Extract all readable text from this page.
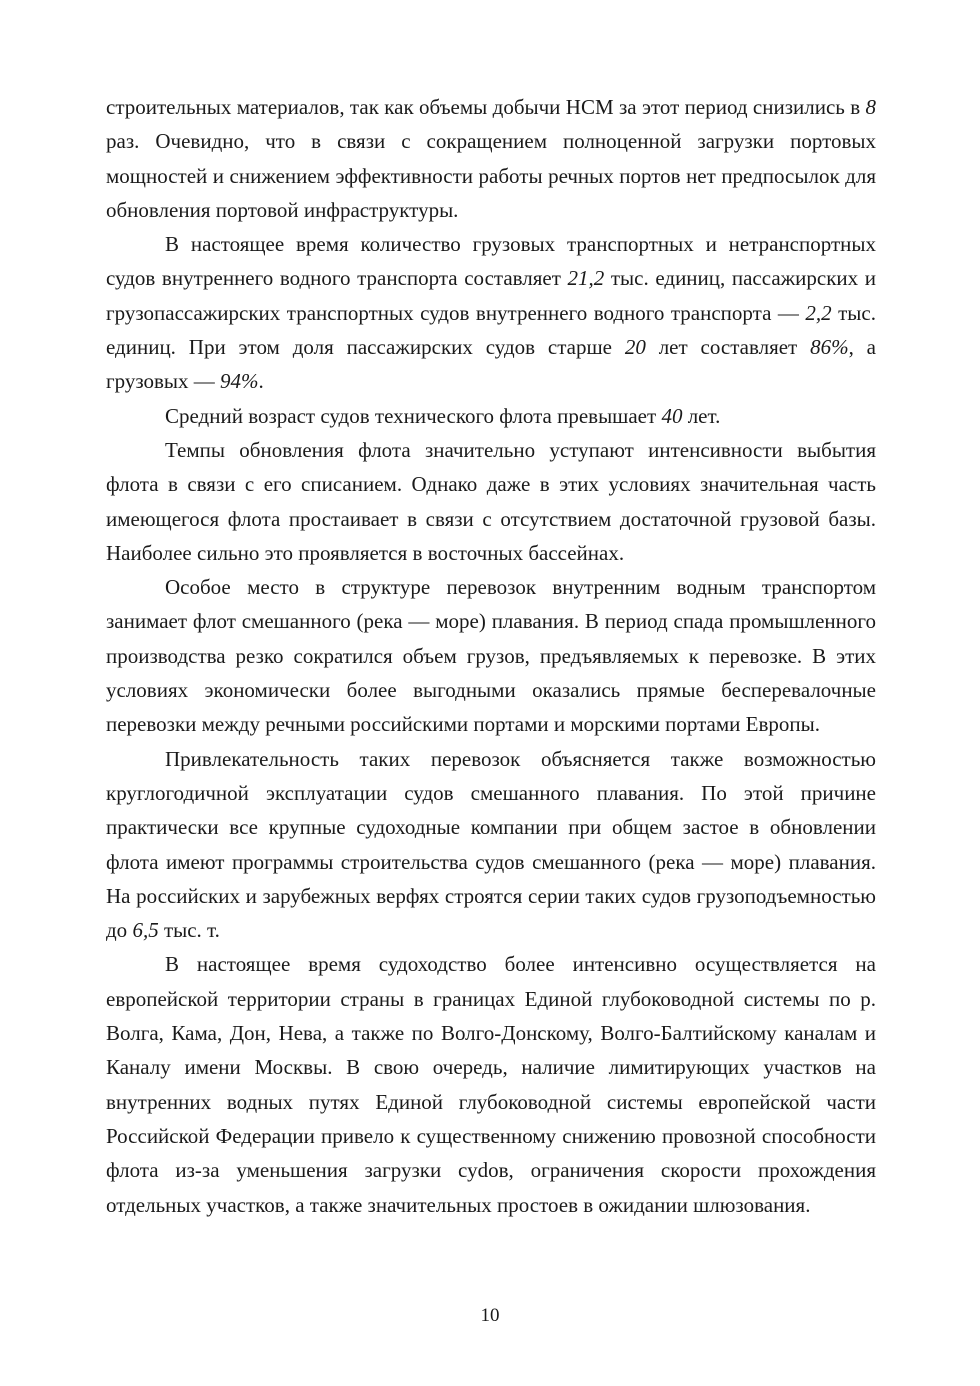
строительных материалов, так как объемы добычи НСМ за этот период снизились в 8 раз. Очевидно, что в связи с сокращением полноценной загрузки портовых мощностей и снижением эффективности работы речных портов нет предпосылок для обновления портовой инфраструктуры.

В настоящее время количество грузовых транспортных и нетранспортных судов внутреннего водного транспорта составляет 21,2 тыс. единиц, пассажирских и грузопассажирских транспортных судов внутреннего водного транспорта — 2,2 тыс. единиц. При этом доля пассажирских судов старше 20 лет составляет 86%, а грузовых — 94%.

Средний возраст судов технического флота превышает 40 лет.

Темпы обновления флота значительно уступают интенсивности выбытия флота в связи с его списанием. Однако даже в этих условиях значительная часть имеющегося флота простаивает в связи с отсутствием достаточной грузовой базы. Наиболее сильно это проявляется в восточных бассейнах.

Особое место в структуре перевозок внутренним водным транспортом занимает флот смешанного (река — море) плавания. В период спада промышленного производства резко сократился объем грузов, предъявляемых к перевозке. В этих условиях экономически более выгодными оказались прямые бесперевалочные перевозки между речными российскими портами и морскими портами Европы.

Привлекательность таких перевозок объясняется также возможностью круглогодичной эксплуатации судов смешанного плавания. По этой причине практически все крупные судоходные компании при общем застое в обновлении флота имеют программы строительства судов смешанного (река — море) плавания. На российских и зарубежных верфях строятся серии таких судов грузоподъемностью до 6,5 тыс. т.

В настоящее время судоходство более интенсивно осуществляется на европейской территории страны в границах Единой глубоководной системы по р. Волга, Кама, Дон, Нева, а также по Волго-Донскому, Волго-Балтийскому каналам и Каналу имени Москвы. В свою очередь, наличие лимитирующих участков на внутренних водных путях Единой глубоководной системы европейской части Российской Федерации привело к существенному снижению провозной способности флота из-за уменьшения загрузки суdов, ограничения скорости прохождения отдельных участков, а также значительных простоев в ожидании шлюзования.

10
